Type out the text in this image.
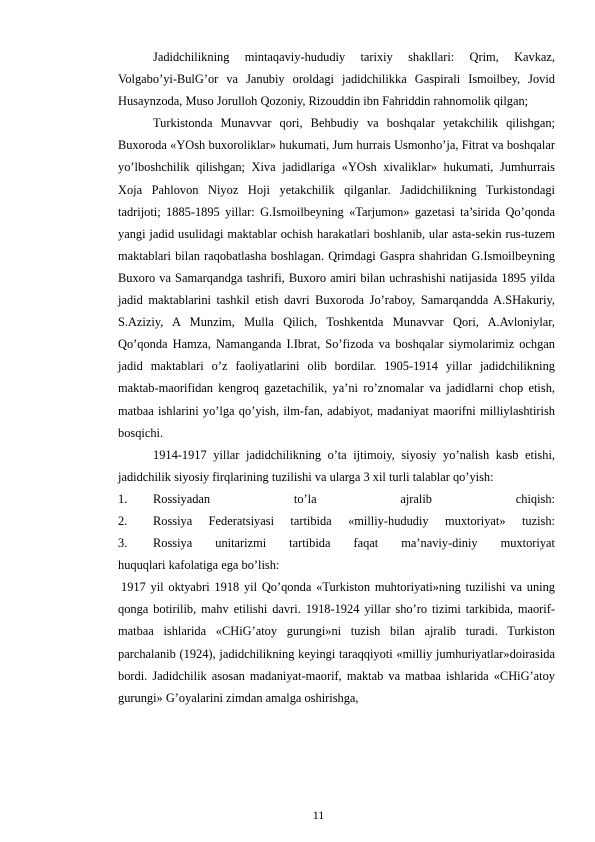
Jadidchilikning mintaqaviy-hududiy tarixiy shakllari: Qrim, Kavkaz, Volgabo’yi-BulG’or va Janubiy oroldagi jadidchilikka Gaspirali Ismoilbey, Jovid Husaynzoda, Muso Jorulloh Qozoniy, Rizouddin ibn Fahriddin rahnomolik qilgan;

Turkistonda Munavvar qori, Behbudiy va boshqalar yetakchilik qilishgan; Buxoroda «YOsh buxoroliklar» hukumati, Jum hurrais Usmonho’ja, Fitrat va boshqalar yo’lboshchilik qilishgan; Xiva jadidlariga «YOsh xivaliklar» hukumati, Jumhurrais Xoja Pahlovon Niyoz Hoji yetakchilik qilganlar. Jadidchilikning Turkistondagi tadrijoti; 1885-1895 yillar: G.Ismoilbeyning «Tarjumon» gazetasi ta’sirida Qo’qonda yangi jadid usulidagi maktablar ochish harakatlari boshlanib, ular asta-sekin rus-tuzem maktablari bilan raqobatlasha boshlagan. Qrimdagi Gaspra shahridan G.Ismoilbeyning Buxoro va Samarqandga tashrifi, Buxoro amiri bilan uchrashishi natijasida 1895 yilda jadid maktablarini tashkil etish davri Buxoroda Jo’raboy, Samarqandda A.SHakuriy, S.Aziziy, A Munzim, Mulla Qilich, Toshkentda Munavvar Qori, A.Avloniylar, Qo’qonda Hamza, Namanganda I.Ibrat, So’fizoda va boshqalar siymolarimiz ochgan jadid maktablari o’z faoliyatlarini olib bordilar. 1905-1914 yillar jadidchilikning maktab-maorifidan kengroq gazetachilik, ya’ni ro’znomalar va jadidlarni chop etish, matbaa ishlarini yo’lga qo’yish, ilm-fan, adabiyot, madaniyat maorifni milliylashtirish bosqichi.

1914-1917 yillar jadidchilikning o’ta ijtimoiy, siyosiy yo’nalish kasb etishi, jadidchilik siyosiy firqlarining tuzilishi va ularga 3 xil turli talablar qo’yish:

1.	Rossiyadan to’la ajralib chiqish:
2.	Rossiya Federatsiyasi tartibida «milliy-hududiy muxtoriyat» tuzish:
3.	Rossiya unitarizmi tartibida faqat ma’naviy-diniy muxtoriyat

huquqlari kafolatiga ega bo’lish:

1917 yil oktyabri 1918 yil Qo’qonda «Turkiston muhtoriyati»ning tuzilishi va uning qonga botirilib, mahv etilishi davri. 1918-1924 yillar sho’ro tizimi tarkibida, maorif-matbaa ishlarida «CHiG’atoy gurungi»ni tuzish bilan ajralib turadi. Turkiston parchalanib (1924), jadidchilikning keyingi taraqqiyoti «milliy jumhuriyatlar»doirasida bordi. Jadidchilik asosan madaniyat-maorif, maktab va matbaa ishlarida «CHiG’atoy gurungi» G’oyalarini zimdan amalga oshirishga,

11
